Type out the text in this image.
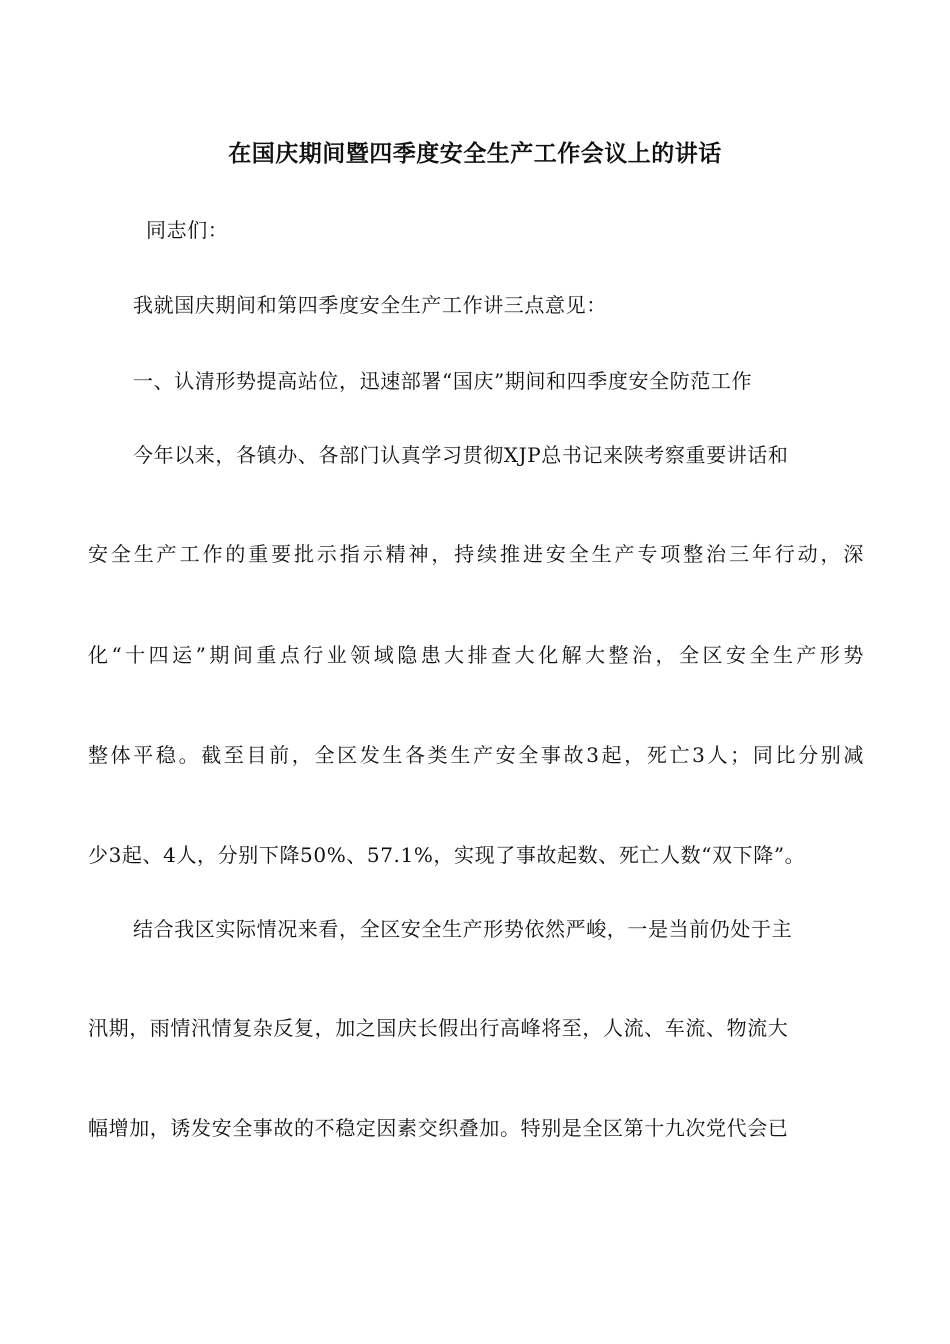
在国庆期间暨四季度安全生产工作会议上的讲话
同志们：
我就国庆期间和第四季度安全生产工作讲三点意见：
一、认清形势提高站位，迅速部署“国庆”期间和四季度安全防范工作
今年以来，各镇办、各部门认真学习贯彻XJP总书记来陕考察重要讲话和
安全生产工作的重要批示指示精神，持续推进安全生产专项整治三年行动，深
化“十四运”期间重点行业领域隐患大排查大化解大整治，全区安全生产形势
整体平稳。截至目前，全区发生各类生产安全事故3起，死亡3人；同比分别减
少3起、4人，分别下降50%、57.1%，实现了事故起数、死亡人数“双下降”。
结合我区实际情况来看，全区安全生产形势依然严峻，一是当前仍处于主
汛期，雨情汛情复杂反复，加之国庆长假出行高峰将至，人流、车流、物流大
幅增加，诱发安全事故的不稳定因素交织叠加。特别是全区第十九次党代会已
